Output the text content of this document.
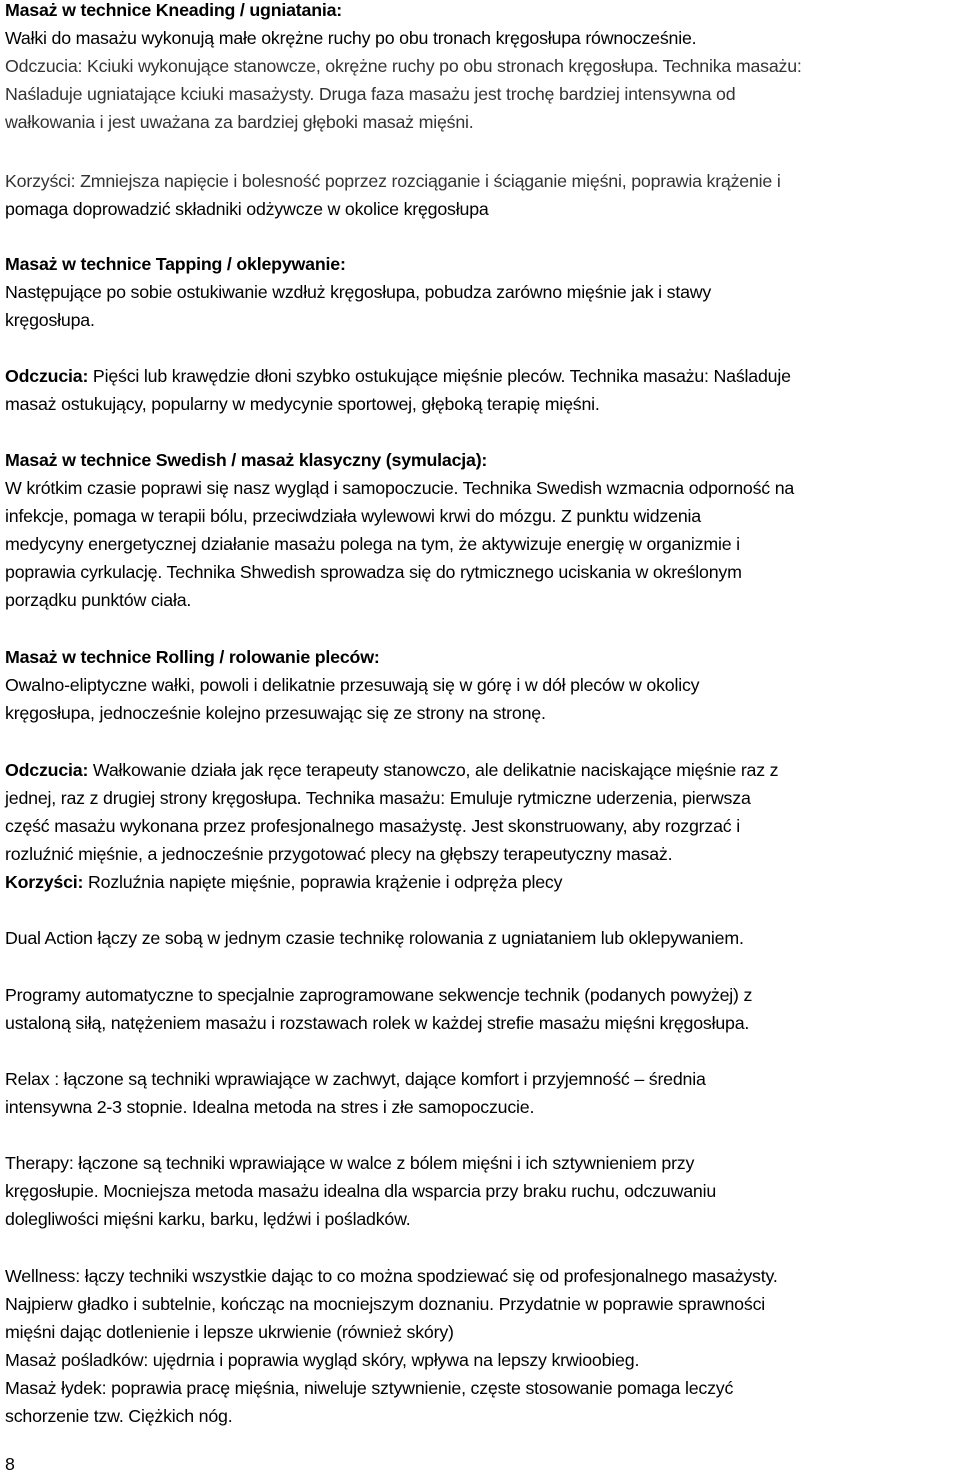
Masaż w technice Kneading / ugniatania:
Wałki do masażu wykonują małe okrężne ruchy po obu tronach kręgosłupa równocześnie.
Odczucia: Kciuki wykonujące stanowcze, okrężne ruchy po obu stronach kręgosłupa. Technika masażu:
Naśladuje ugniatające kciuki masażysty. Druga faza masażu jest trochę bardziej intensywna od
wałkowania i jest uważana za bardziej głęboki masaż mięśni.
Korzyści: Zmniejsza napięcie i bolesność poprzez rozciąganie i ściąganie mięśni, poprawia krążenie i
pomaga doprowadzić składniki odżywcze w okolice kręgosłupa
Masaż w technice Tapping / oklepywanie:
Następujące po sobie ostukiwanie wzdłuż kręgosłupa, pobudza zarówno mięśnie jak i stawy
kręgosłupa.
Odczucia: Pięści lub krawędzie dłoni szybko ostukujące mięśnie pleców. Technika masażu: Naśladuje
masaż ostukujący, popularny w medycynie sportowej, głęboką terapię mięśni.
Masaż w technice Swedish / masaż klasyczny (symulacja):
W krótkim czasie poprawi się nasz wygląd i samopoczucie. Technika Swedish wzmacnia odporność na
infekcje, pomaga w terapii bólu, przeciwdziała wylewowi krwi do mózgu. Z punktu widzenia
medycyny energetycznej działanie masażu polega na tym, że aktywizuje energię w organizmie i
poprawia cyrkulację. Technika Shwedish sprowadza się do rytmicznego uciskania w określonym
porządku punktów ciała.
Masaż w technice Rolling / rolowanie pleców:
Owalno-eliptyczne wałki, powoli i delikatnie przesuwają się w górę i w dół pleców w okolicy
kręgosłupa, jednocześnie kolejno przesuwając się ze strony na stronę.
Odczucia: Wałkowanie działa jak ręce terapeuty stanowczo, ale delikatnie naciskające mięśnie raz z
jednej, raz z drugiej strony kręgosłupa. Technika masażu: Emuluje rytmiczne uderzenia, pierwsza
część masażu wykonana przez profesjonalnego masażystę. Jest skonstruowany, aby rozgrzać i
rozluźnić mięśnie, a jednocześnie przygotować plecy na głębszy terapeutyczny masaż.
Korzyści: Rozluźnia napięte mięśnie, poprawia krążenie i odpręża plecy
Dual Action łączy ze sobą w jednym czasie technikę rolowania z ugniataniem lub oklepywaniem.
Programy automatyczne to specjalnie zaprogramowane sekwencje technik (podanych powyżej) z
ustaloną siłą, natężeniem masażu i rozstawach rolek w każdej strefie masażu mięśni kręgosłupa.
Relax : łączone są techniki wprawiające w zachwyt, dające komfort i przyjemność – średnia
intensywna 2-3 stopnie. Idealna metoda na stres i złe samopoczucie.
Therapy: łączone są techniki wprawiające w walce z bólem mięśni i ich sztywnieniem przy
kręgosłupie. Mocniejsza metoda masażu idealna dla wsparcia przy braku ruchu, odczuwaniu
dolegliwości mięśni karku, barku, lędźwi i pośladków.
Wellness: łączy techniki wszystkie dając to co można spodziewać się od profesjonalnego masażysty.
Najpierw gładko i subtelnie, kończąc na mocniejszym doznaniu. Przydatnie w poprawie sprawności
mięśni dając dotlenienie i lepsze ukrwienie (również skóry)
Masaż pośladków: ujędrnia i poprawia wygląd skóry, wpływa na lepszy krwioobieg.
Masaż łydek: poprawia pracę mięśnia, niweluje sztywnienie, częste stosowanie pomaga leczyć
schorzenie tzw. Ciężkich nóg.
8
